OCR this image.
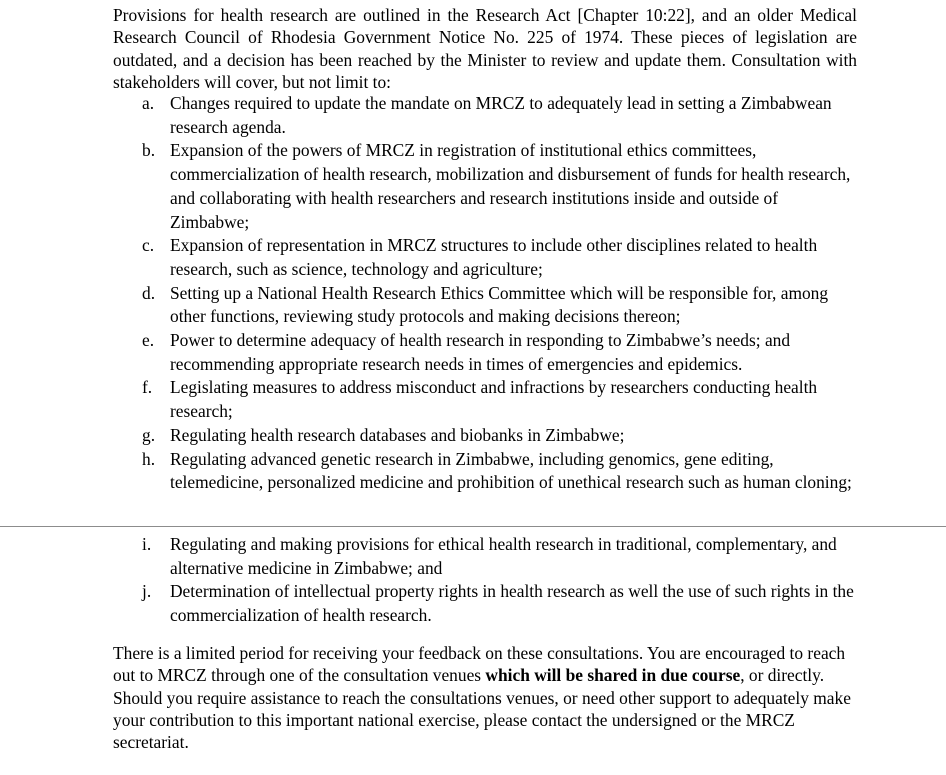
Provisions for health research are outlined in the Research Act [Chapter 10:22], and an older Medical Research Council of Rhodesia Government Notice No. 225 of 1974. These pieces of legislation are outdated, and a decision has been reached by the Minister to review and update them. Consultation with stakeholders will cover, but not limit to:

a. Changes required to update the mandate on MRCZ to adequately lead in setting a Zimbabwean research agenda.
b. Expansion of the powers of MRCZ in registration of institutional ethics committees, commercialization of health research, mobilization and disbursement of funds for health research, and collaborating with health researchers and research institutions inside and outside of Zimbabwe;
c. Expansion of representation in MRCZ structures to include other disciplines related to health research, such as science, technology and agriculture;
d. Setting up a National Health Research Ethics Committee which will be responsible for, among other functions, reviewing study protocols and making decisions thereon;
e. Power to determine adequacy of health research in responding to Zimbabwe’s needs; and recommending appropriate research needs in times of emergencies and epidemics.
f.	Legislating measures to address misconduct and infractions by researchers conducting health research;
g. Regulating health research databases and biobanks in Zimbabwe;
h. Regulating advanced genetic research in Zimbabwe, including genomics, gene editing, telemedicine, personalized medicine and prohibition of unethical research such as human cloning;
i.	Regulating and making provisions for ethical health research in traditional, complementary, and alternative medicine in Zimbabwe; and
j.	Determination of intellectual property rights in health research as well the use of such rights in the commercialization of health research.

There is a limited period for receiving your feedback on these consultations. You are encouraged to reach out to MRCZ through one of the consultation venues which will be shared in due course, or directly. Should you require assistance to reach the consultations venues, or need other support to adequately make your contribution to this important national exercise, please contact the undersigned or the MRCZ secretariat.
